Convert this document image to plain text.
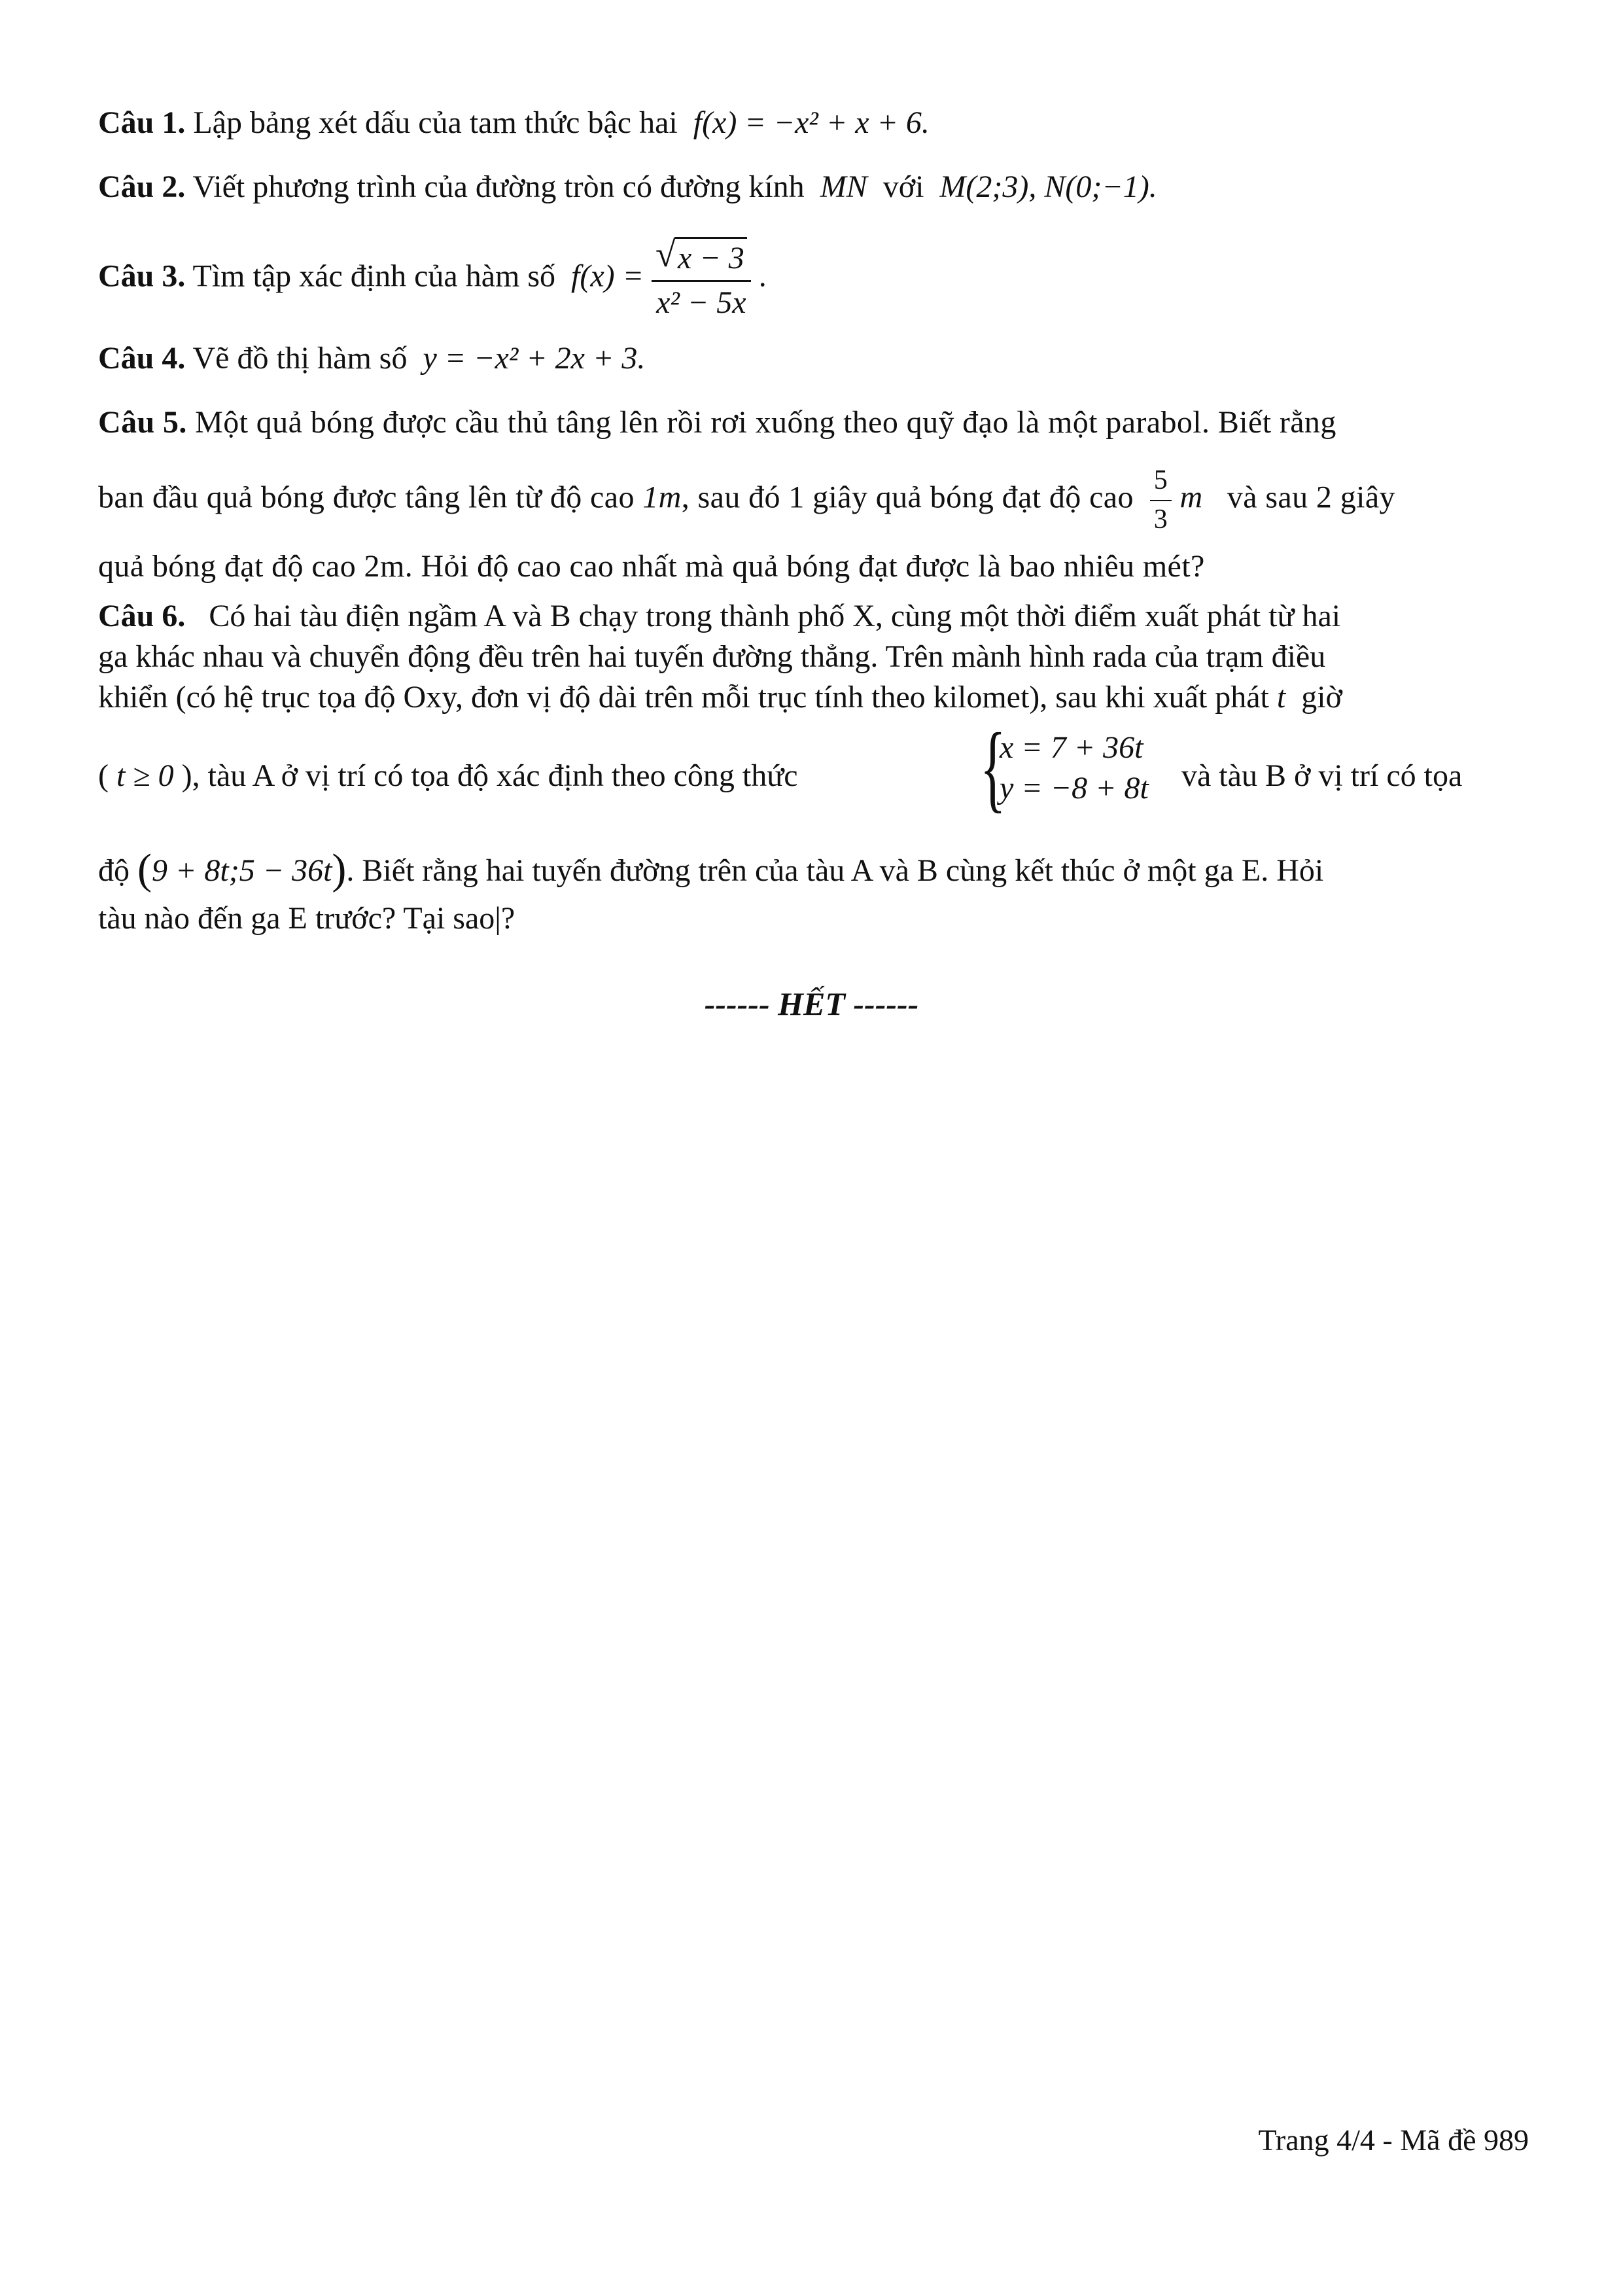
Câu 1. Lập bảng xét dấu của tam thức bậc hai f(x) = −x² + x + 6.
Câu 2. Viết phương trình của đường tròn có đường kính MN với M(2;3), N(0;−1).
Câu 3. Tìm tập xác định của hàm số $f(x) = \frac{√ x - 3}{\text{x² − 5x}}$ .
Câu 4. Vẽ đồ thị hàm số y = −x² + 2x + 3.
Câu 5. Một quả bóng được cầu thủ tâng lên rồi rơi xuống theo quỹ đạo là một parabol. Biết rằng
ban đầu quả bóng được tâng lên từ độ cao 1m, sau đó 1 giây quả bóng đạt độ cao $\frac{5}{3}$ m và sau 2 giây
quả bóng đạt độ cao 2m. Hỏi độ cao cao nhất mà quả bóng đạt được là bao nhiêu mét?
Câu 6. Có hai tàu điện ngầm A và B chạy trong thành phố X, cùng một thời điểm xuất phát từ hai
ga khác nhau và chuyển động đều trên hai tuyến đường thẳng. Trên mành hình rada của trạm điều
khiển (có hệ trục tọa độ Oxy, đơn vị độ dài trên mỗi trục tính theo kilomet), sau khi xuất phát t giờ
( t ≥ 0 ), tàu A ở vị trí có tọa độ xác định theo công thức {
x = 7 + 36t
y = −8 + 8t và tàu B ở vị trí có tọa
độ (9 + 8t;5 − 36t). Biết rằng hai tuyến đường trên của tàu A và B cùng kết thúc ở một ga E. Hỏi
tàu nào đến ga E trước? Tại sao|?
------ HẾT ------
Trang 4/4 - Mã đề 989
